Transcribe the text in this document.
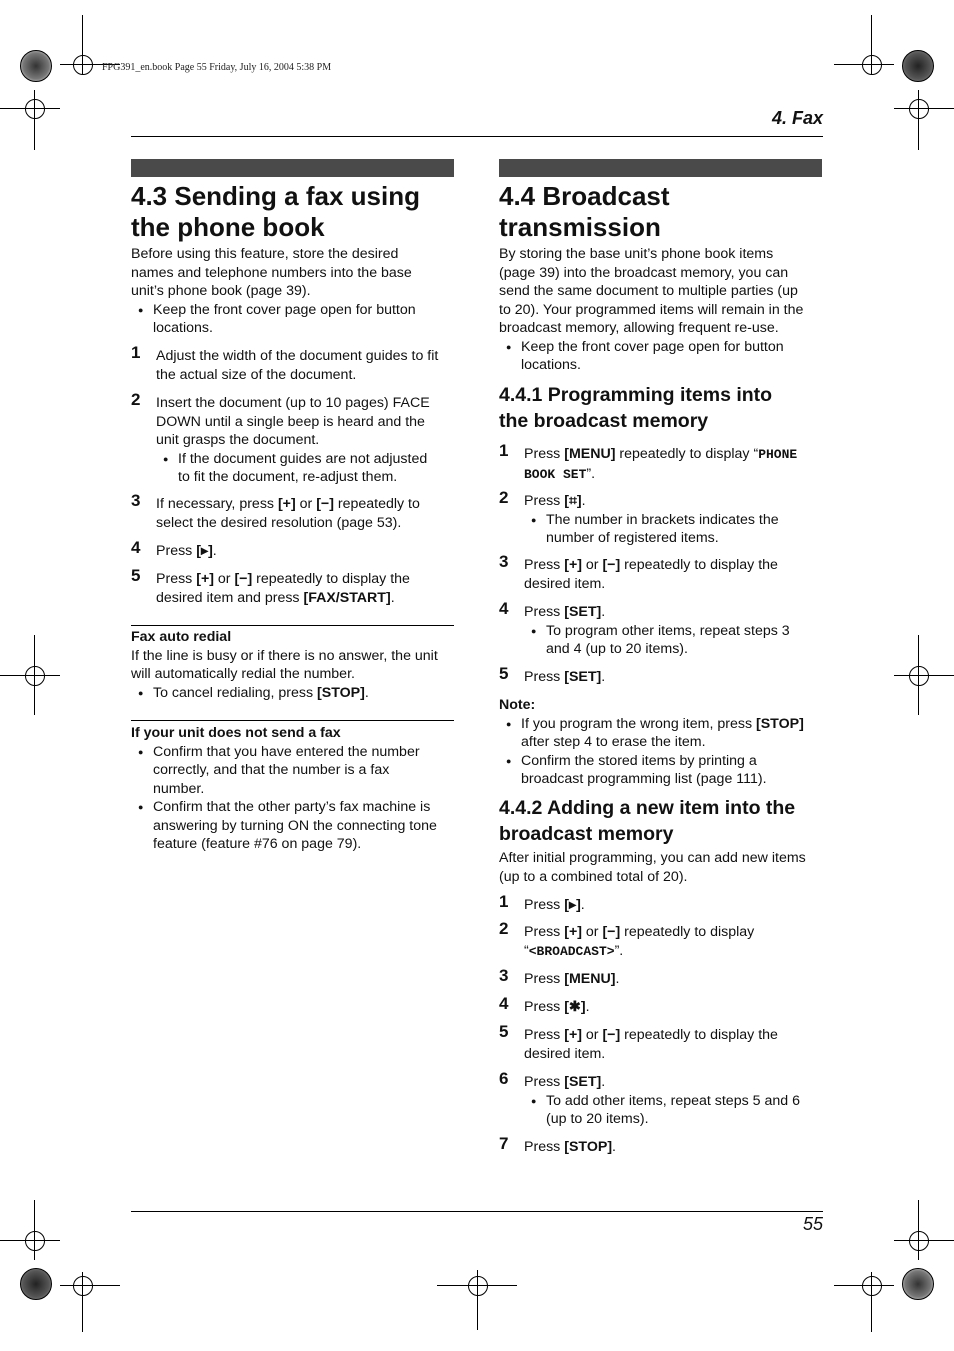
FPG391_en.book Page 55 Friday, July 16, 2004 5:38 PM
4. Fax
4.3 Sending a fax using
the phone book
Before using this feature, store the desired
names and telephone numbers into the base
unit’s phone book (page 39).
● Keep the front cover page open for button
locations.
1 Adjust the width of the document guides to fit
the actual size of the document.
2 Insert the document (up to 10 pages) FACE
DOWN until a single beep is heard and the
unit grasps the document.
● If the document guides are not adjusted
to fit the document, re-adjust them.
3 If necessary, press [+] or [−] repeatedly to
select the desired resolution (page 53).
4 Press [▸].
5 Press [+] or [−] repeatedly to display the
desired item and press [FAX/START].
Fax auto redial
If the line is busy or if there is no answer, the unit
will automatically redial the number.
● To cancel redialing, press [STOP].
If your unit does not send a fax
● Confirm that you have entered the number
correctly, and that the number is a fax
number.
● Confirm that the other party’s fax machine is
answering by turning ON the connecting tone
feature (feature #76 on page 79).
4.4 Broadcast
transmission
By storing the base unit’s phone book items
(page 39) into the broadcast memory, you can
send the same document to multiple parties (up
to 20). Your programmed items will remain in the
broadcast memory, allowing frequent re-use.
● Keep the front cover page open for button
locations.
4.4.1 Programming items into
the broadcast memory
1 Press [MENU] repeatedly to display “PHONE
BOOK SET”.
2 Press [⌗].
● The number in brackets indicates the
number of registered items.
3 Press [+] or [−] repeatedly to display the
desired item.
4 Press [SET].
● To program other items, repeat steps 3
and 4 (up to 20 items).
5 Press [SET].
Note:
● If you program the wrong item, press [STOP]
after step 4 to erase the item.
● Confirm the stored items by printing a
broadcast programming list (page 111).
4.4.2 Adding a new item into the
broadcast memory
After initial programming, you can add new items
(up to a combined total of 20).
1 Press [▸].
2 Press [+] or [−] repeatedly to display
“<BROADCAST>”.
3 Press [MENU].
4 Press [✱].
5 Press [+] or [−] repeatedly to display the
desired item.
6 Press [SET].
● To add other items, repeat steps 5 and 6
(up to 20 items).
7 Press [STOP].
55
